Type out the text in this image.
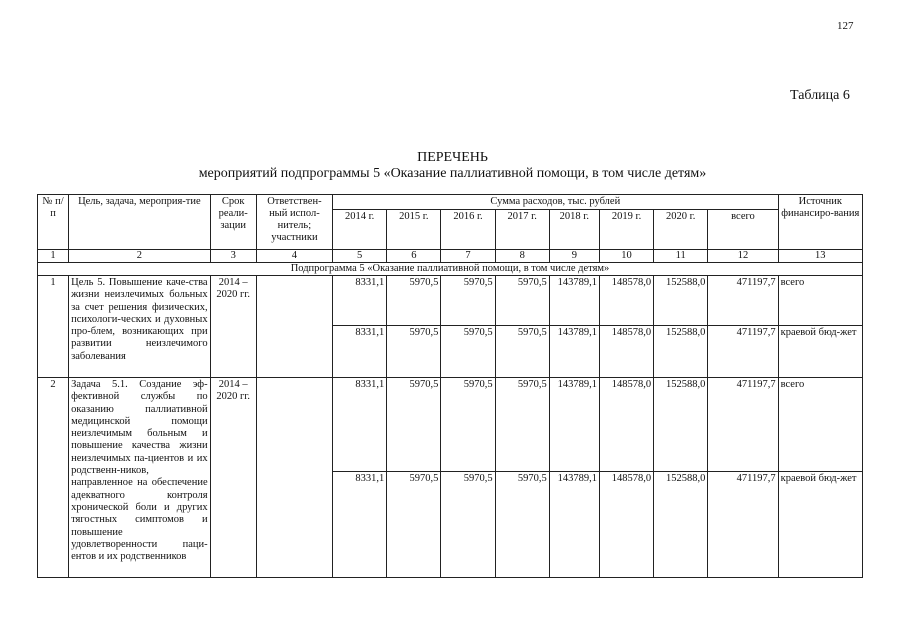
127
Таблица 6
ПЕРЕЧЕНЬ
мероприятий подпрограммы 5 «Оказание паллиативной помощи, в том числе детям»
№ п/п	Цель, задача, мероприя-тие	Срок реали-зации	Ответствен-ный испол-нитель; участники	Сумма расходов, тыс. рублей								Источник финансиро-вания
				2014 г.	2015 г.	2016 г.	2017 г.	2018 г.	2019 г.	2020 г.	всего	
1	2	3	4	5	6	7	8	9	10	11	12	13
Подпрограмма 5 «Оказание паллиативной помощи, в том числе детям»												
1	Цель 5. Повышение каче-ства жизни неизлечимых больных за счет решения физических, психологи-ческих и духовных про-блем, возникающих при развитии неизлечимого заболевания	2014 – 2020 гг.		8331,1	5970,5	5970,5	5970,5	143789,1	148578,0	152588,0	471197,7	всего
				8331,1	5970,5	5970,5	5970,5	143789,1	148578,0	152588,0	471197,7	краевой бюд-жет
2	Задача 5.1. Создание эф-фективной службы по оказанию паллиативной медицинской помощи неизлечимым больным и повышение качества жизни неизлечимых па-циентов и их родственн-ников, направленное на обеспечение адекватного контроля хронической боли и других тягостных симптомов и повышение удовлетворенности паци-ентов и их родственников	2014 – 2020 гг.		8331,1	5970,5	5970,5	5970,5	143789,1	148578,0	152588,0	471197,7	всего
				8331,1	5970,5	5970,5	5970,5	143789,1	148578,0	152588,0	471197,7	краевой бюд-жет
